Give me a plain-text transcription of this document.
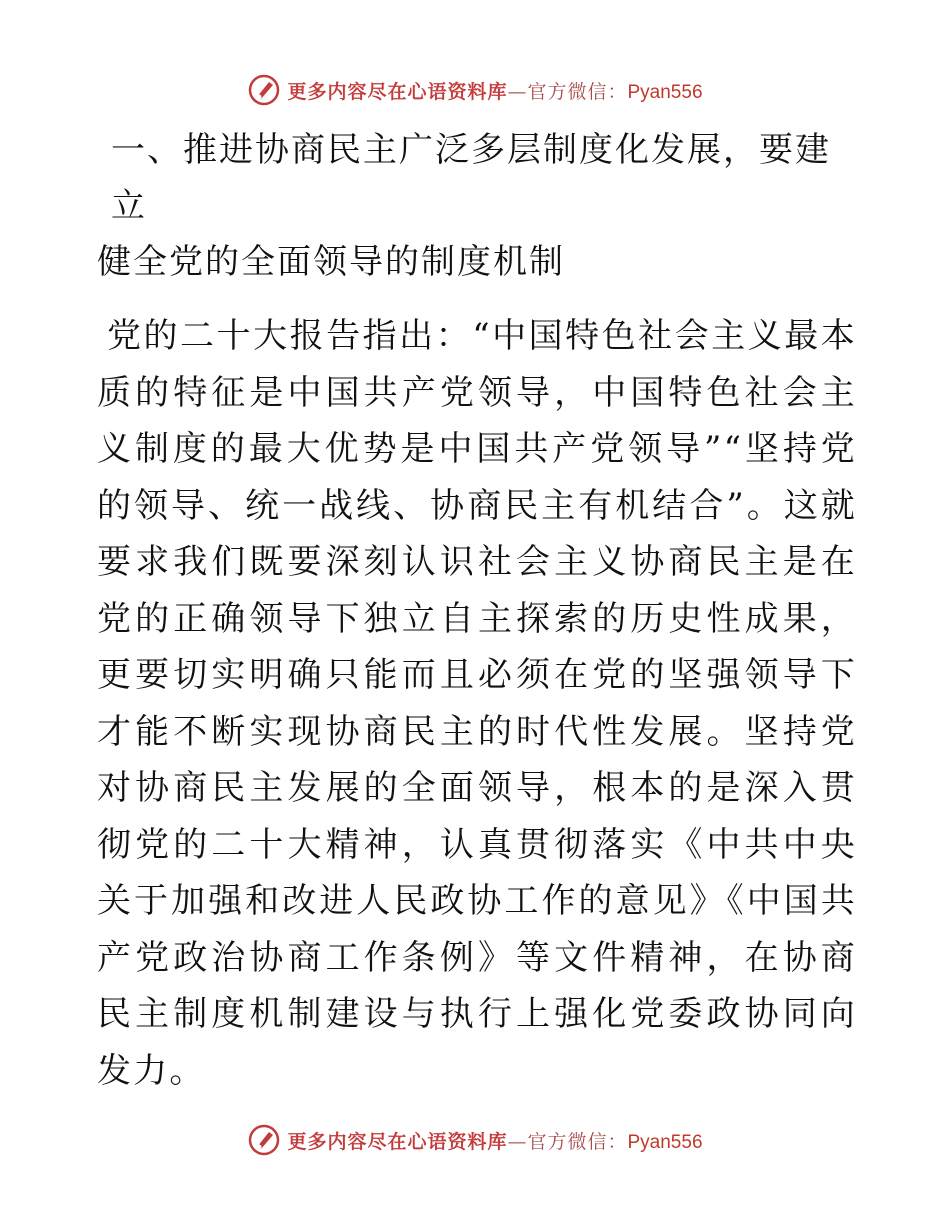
更多内容尽在心语资料库—官方微信：Pyan556
一、推进协商民主广泛多层制度化发展，要建立
健全党的全面领导的制度机制

党的二十大报告指出：“中国特色社会主义最本质的特征是中国共产党领导，中国特色社会主义制度的最大优势是中国共产党领导”“坚持党的领导、统一战线、协商民主有机结合”。这就要求我们既要深刻认识社会主义协商民主是在党的正确领导下独立自主探索的历史性成果，更要切实明确只能而且必须在党的坚强领导下才能不断实现协商民主的时代性发展。坚持党对协商民主发展的全面领导，根本的是深入贯彻党的二十大精神，认真贯彻落实《中共中央关于加强和改进人民政协工作的意见》《中国共产党政治协商工作条例》等文件精神，在协商民主制度机制建设与执行上强化党委政协同向发力。

更多内容尽在心语资料库—官方微信：Pyan556
